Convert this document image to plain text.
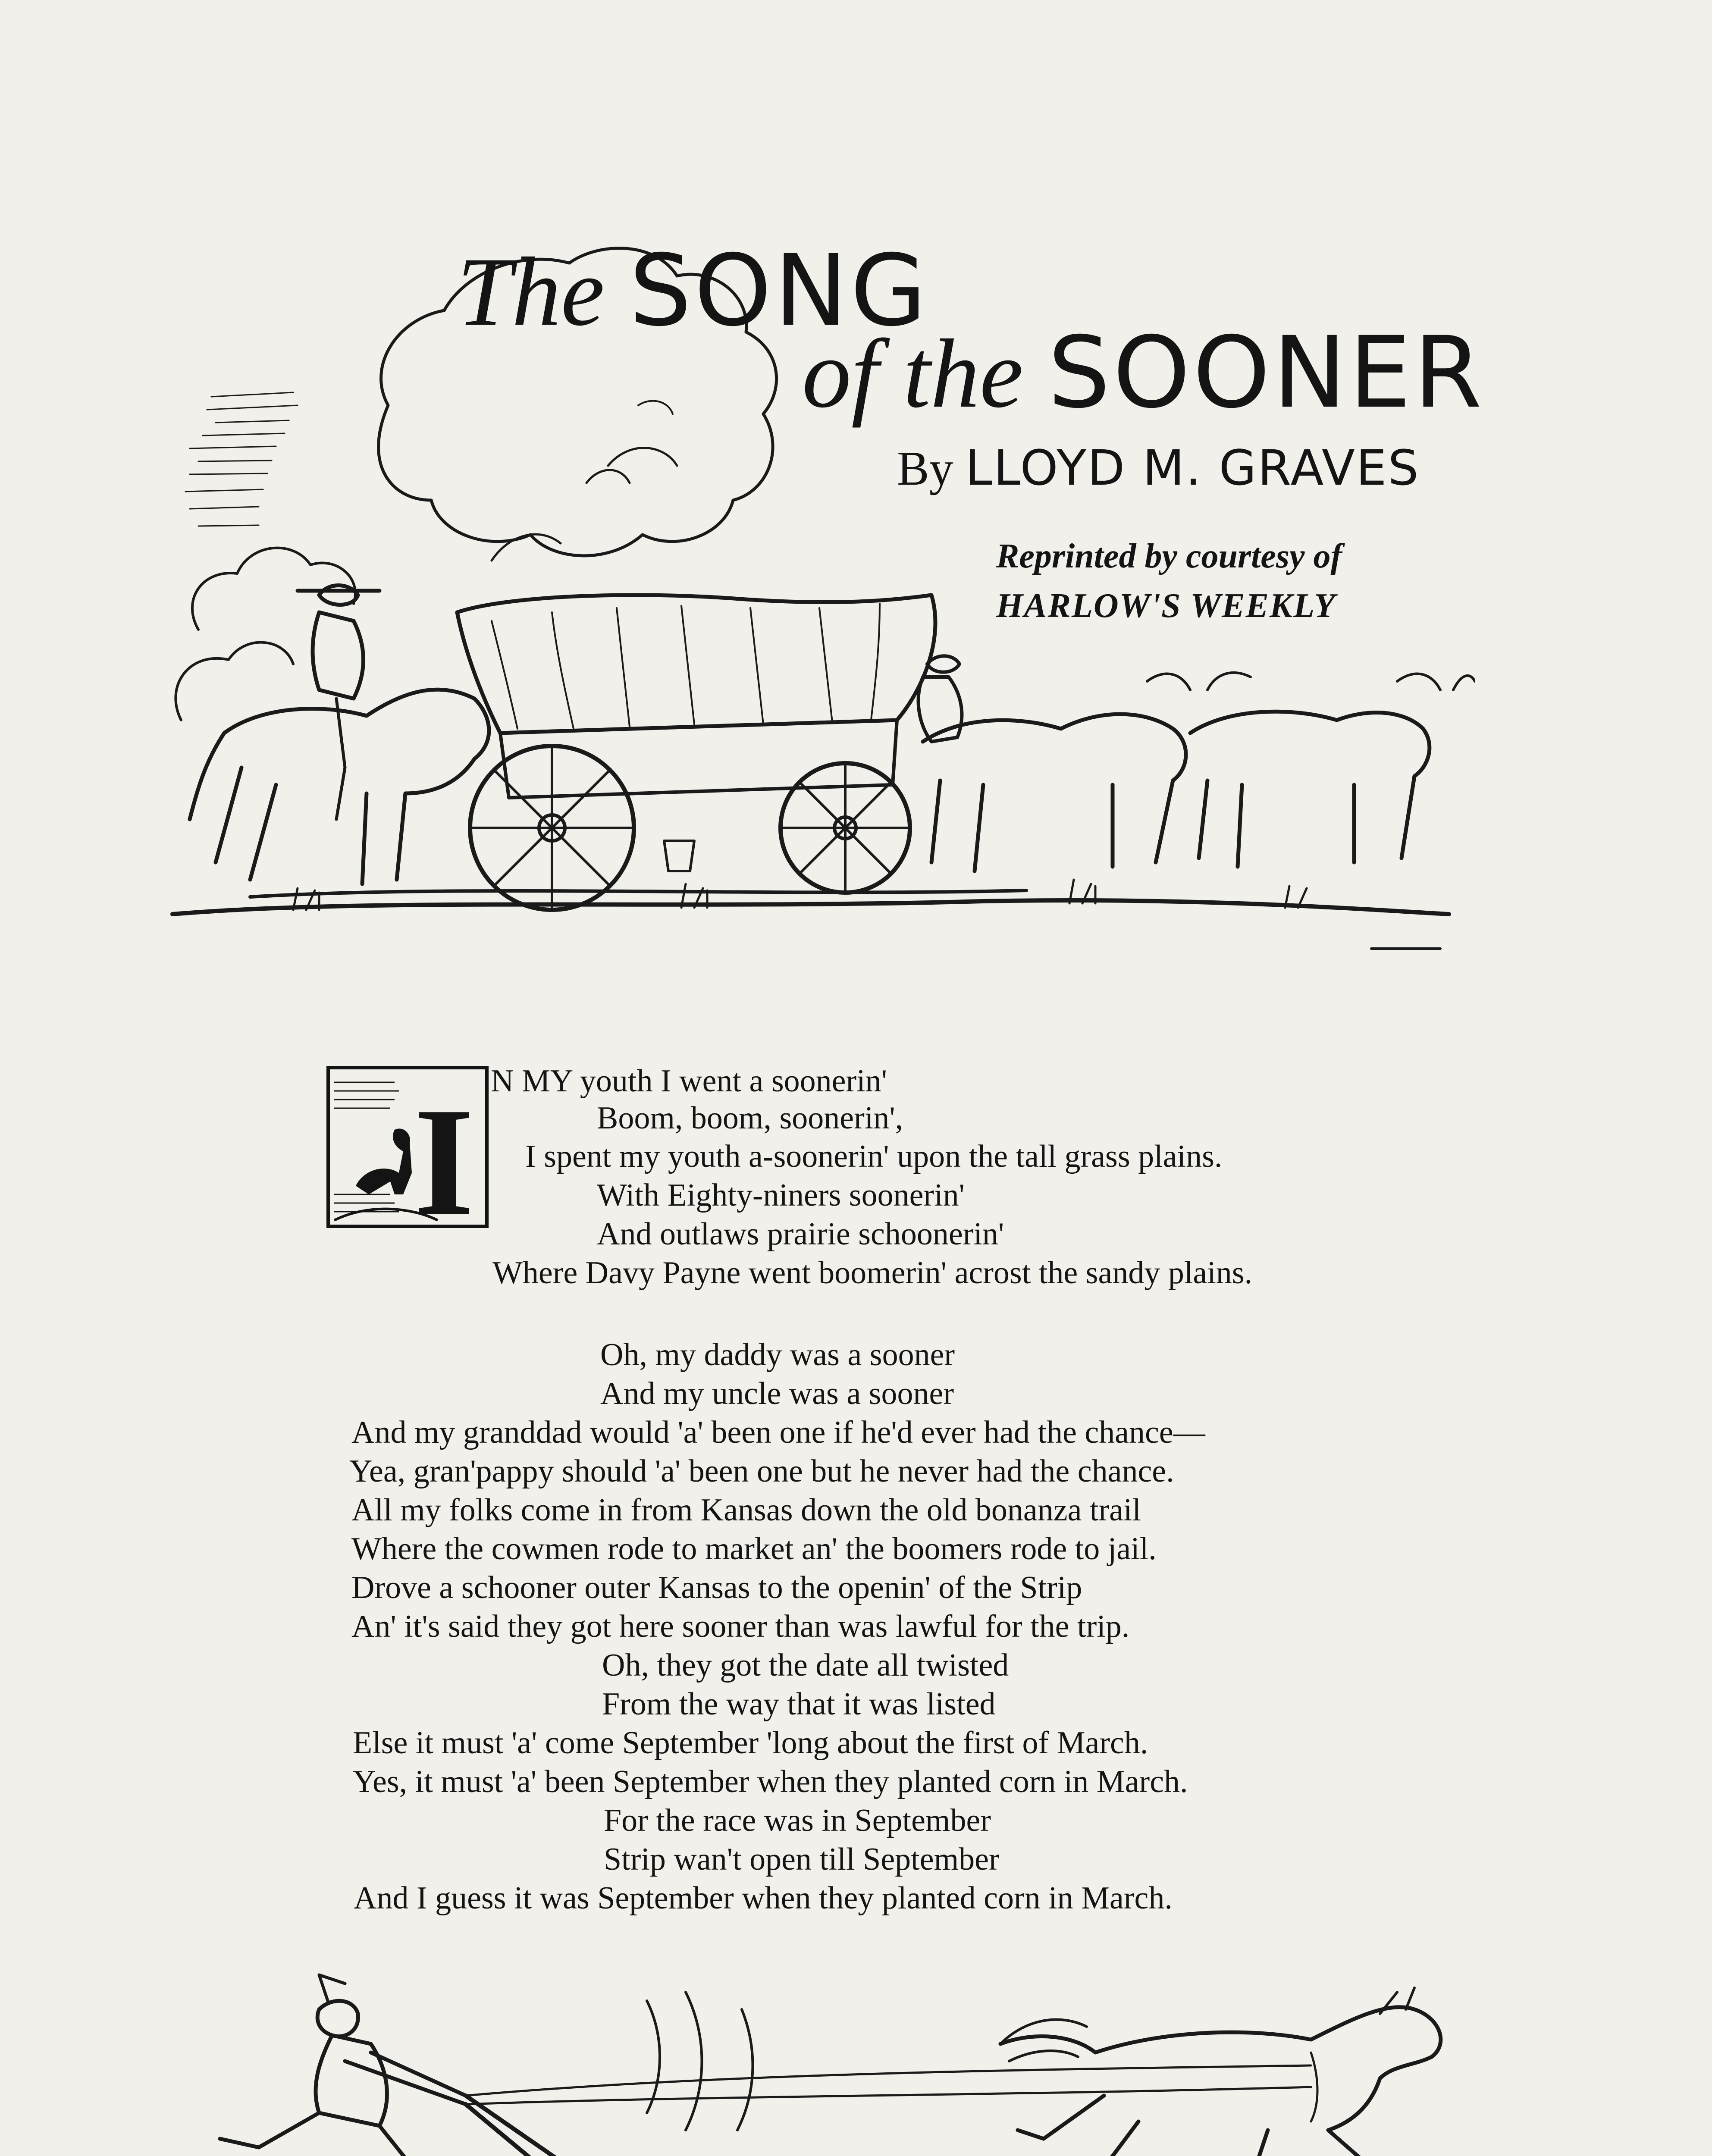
The SONG
of the SOONER
By LLOYD M. GRAVES
Reprinted by courtesy of
HARLOW'S WEEKLY
I N MY youth I went a soonerin'
Boom, boom, soonerin',
I spent my youth a-soonerin' upon the tall grass plains.
With Eighty-niners soonerin'
And outlaws prairie schoonerin'
Where Davy Payne went boomerin' acrost the sandy plains.
Oh, my daddy was a sooner
And my uncle was a sooner
And my granddad would 'a' been one if he'd ever had the chance—
Yea, gran'pappy should 'a' been one but he never had the chance.
All my folks come in from Kansas down the old bonanza trail
Where the cowmen rode to market an' the boomers rode to jail.
Drove a schooner outer Kansas to the openin' of the Strip
An' it's said they got here sooner than was lawful for the trip.
Oh, they got the date all twisted
From the way that it was listed
Else it must 'a' come September 'long about the first of March.
Yes, it must 'a' been September when they planted corn in March.
For the race was in September
Strip wan't open till September
And I guess it was September when they planted corn in March.
